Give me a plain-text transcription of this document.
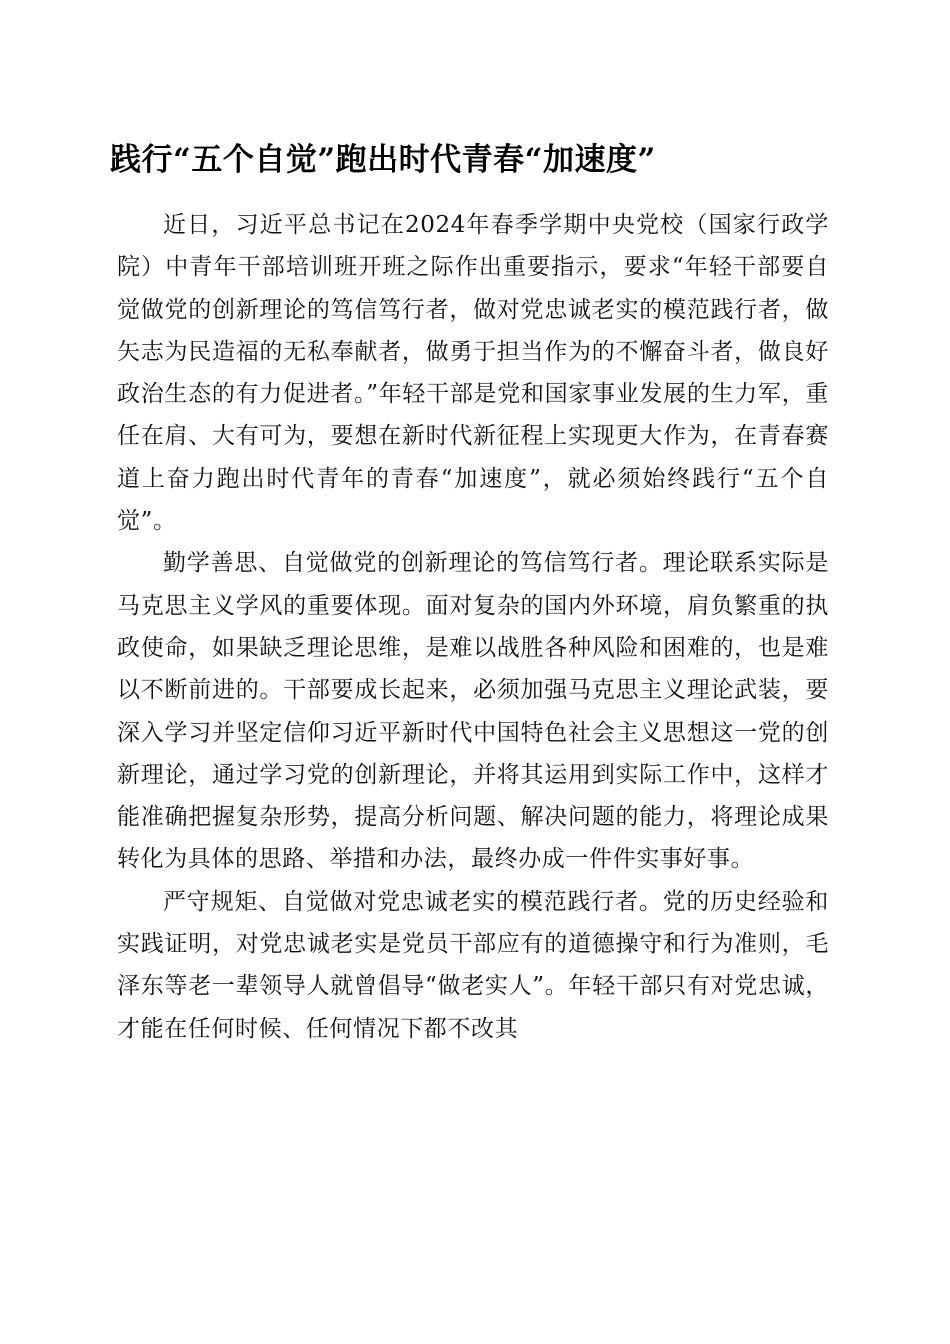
践行“五个自觉”跑出时代青春“加速度”

近日，习近平总书记在2024年春季学期中央党校（国家行政学院）中青年干部培训班开班之际作出重要指示，要求“年轻干部要自觉做党的创新理论的笃信笃行者，做对党忠诚老实的模范践行者，做矢志为民造福的无私奉献者，做勇于担当作为的不懈奋斗者，做良好政治生态的有力促进者。”年轻干部是党和国家事业发展的生力军，重任在肩、大有可为，要想在新时代新征程上实现更大作为，在青春赛道上奋力跑出时代青年的青春“加速度”，就必须始终践行“五个自觉”。

勤学善思、自觉做党的创新理论的笃信笃行者。理论联系实际是马克思主义学风的重要体现。面对复杂的国内外环境，肩负繁重的执政使命，如果缺乏理论思维，是难以战胜各种风险和困难的，也是难以不断前进的。干部要成长起来，必须加强马克思主义理论武装，要深入学习并坚定信仰习近平新时代中国特色社会主义思想这一党的创新理论，通过学习党的创新理论，并将其运用到实际工作中，这样才能准确把握复杂形势，提高分析问题、解决问题的能力，将理论成果转化为具体的思路、举措和办法，最终办成一件件实事好事。

严守规矩、自觉做对党忠诚老实的模范践行者。党的历史经验和实践证明，对党忠诚老实是党员干部应有的道德操守和行为准则，毛泽东等老一辈领导人就曾倡导“做老实人”。年轻干部只有对党忠诚，才能在任何时候、任何情况下都不改其
